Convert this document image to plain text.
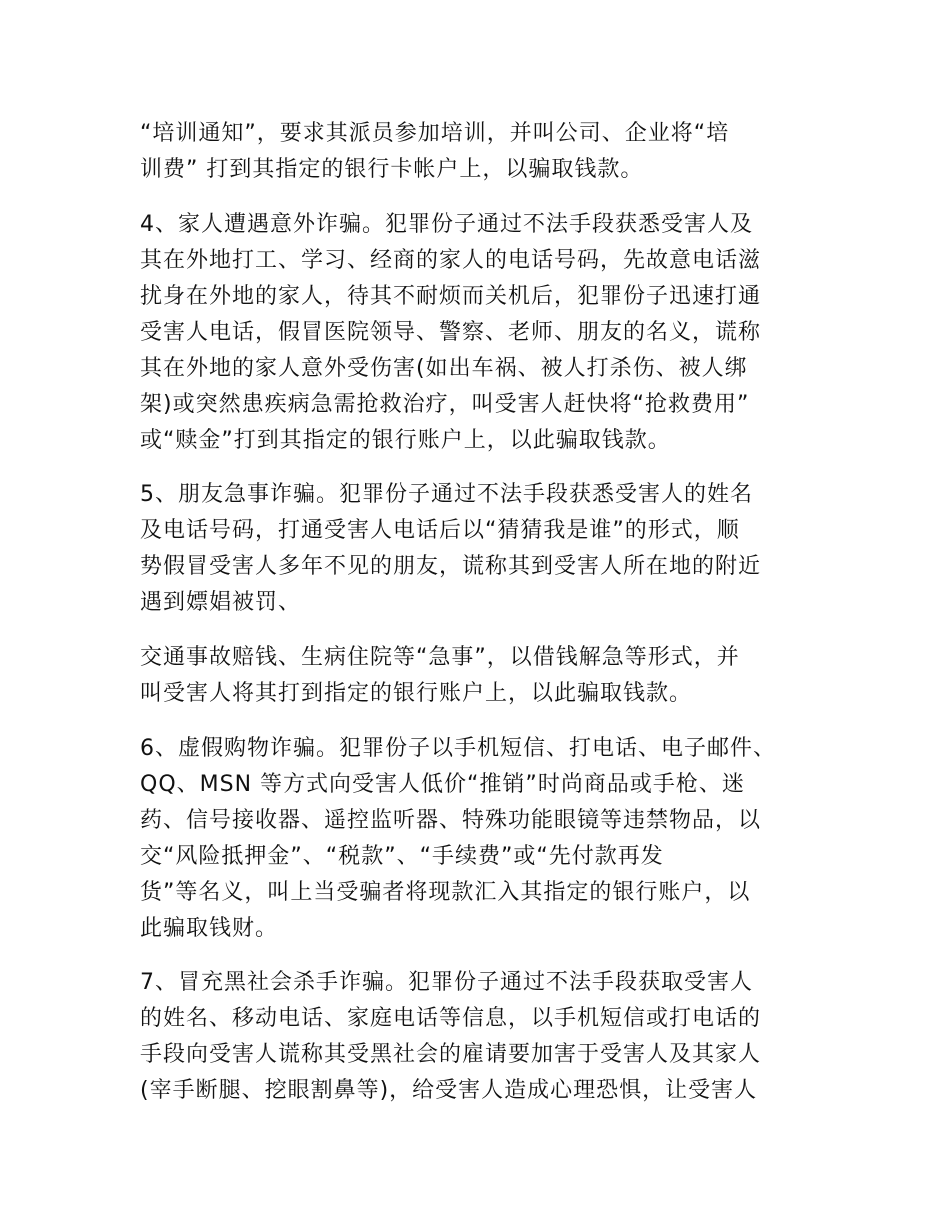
“培训通知”，要求其派员参加培训，并叫公司、企业将“培
训费” 打到其指定的银行卡帐户上，以骗取钱款。
4、家人遭遇意外诈骗。犯罪份子通过不法手段获悉受害人及
其在外地打工、学习、经商的家人的电话号码，先故意电话滋
扰身在外地的家人，待其不耐烦而关机后，犯罪份子迅速打通
受害人电话，假冒医院领导、警察、老师、朋友的名义，谎称
其在外地的家人意外受伤害(如出车祸、被人打杀伤、被人绑
架)或突然患疾病急需抢救治疗，叫受害人赶快将“抢救费用”
或“赎金”打到其指定的银行账户上，以此骗取钱款。
5、朋友急事诈骗。犯罪份子通过不法手段获悉受害人的姓名
及电话号码，打通受害人电话后以“猜猜我是谁”的形式，顺
势假冒受害人多年不见的朋友，谎称其到受害人所在地的附近
遇到嫖娼被罚、
交通事故赔钱、生病住院等“急事”，以借钱解急等形式，并
叫受害人将其打到指定的银行账户上，以此骗取钱款。
6、虚假购物诈骗。犯罪份子以手机短信、打电话、电子邮件、
QQ、MSN 等方式向受害人低价“推销”时尚商品或手枪、迷
药、信号接收器、遥控监听器、特殊功能眼镜等违禁物品，以
交“风险抵押金”、“税款”、“手续费”或“先付款再发
货”等名义，叫上当受骗者将现款汇入其指定的银行账户，以
此骗取钱财。
7、冒充黑社会杀手诈骗。犯罪份子通过不法手段获取受害人
的姓名、移动电话、家庭电话等信息，以手机短信或打电话的
手段向受害人谎称其受黑社会的雇请要加害于受害人及其家人
(宰手断腿、挖眼割鼻等)，给受害人造成心理恐惧，让受害人
